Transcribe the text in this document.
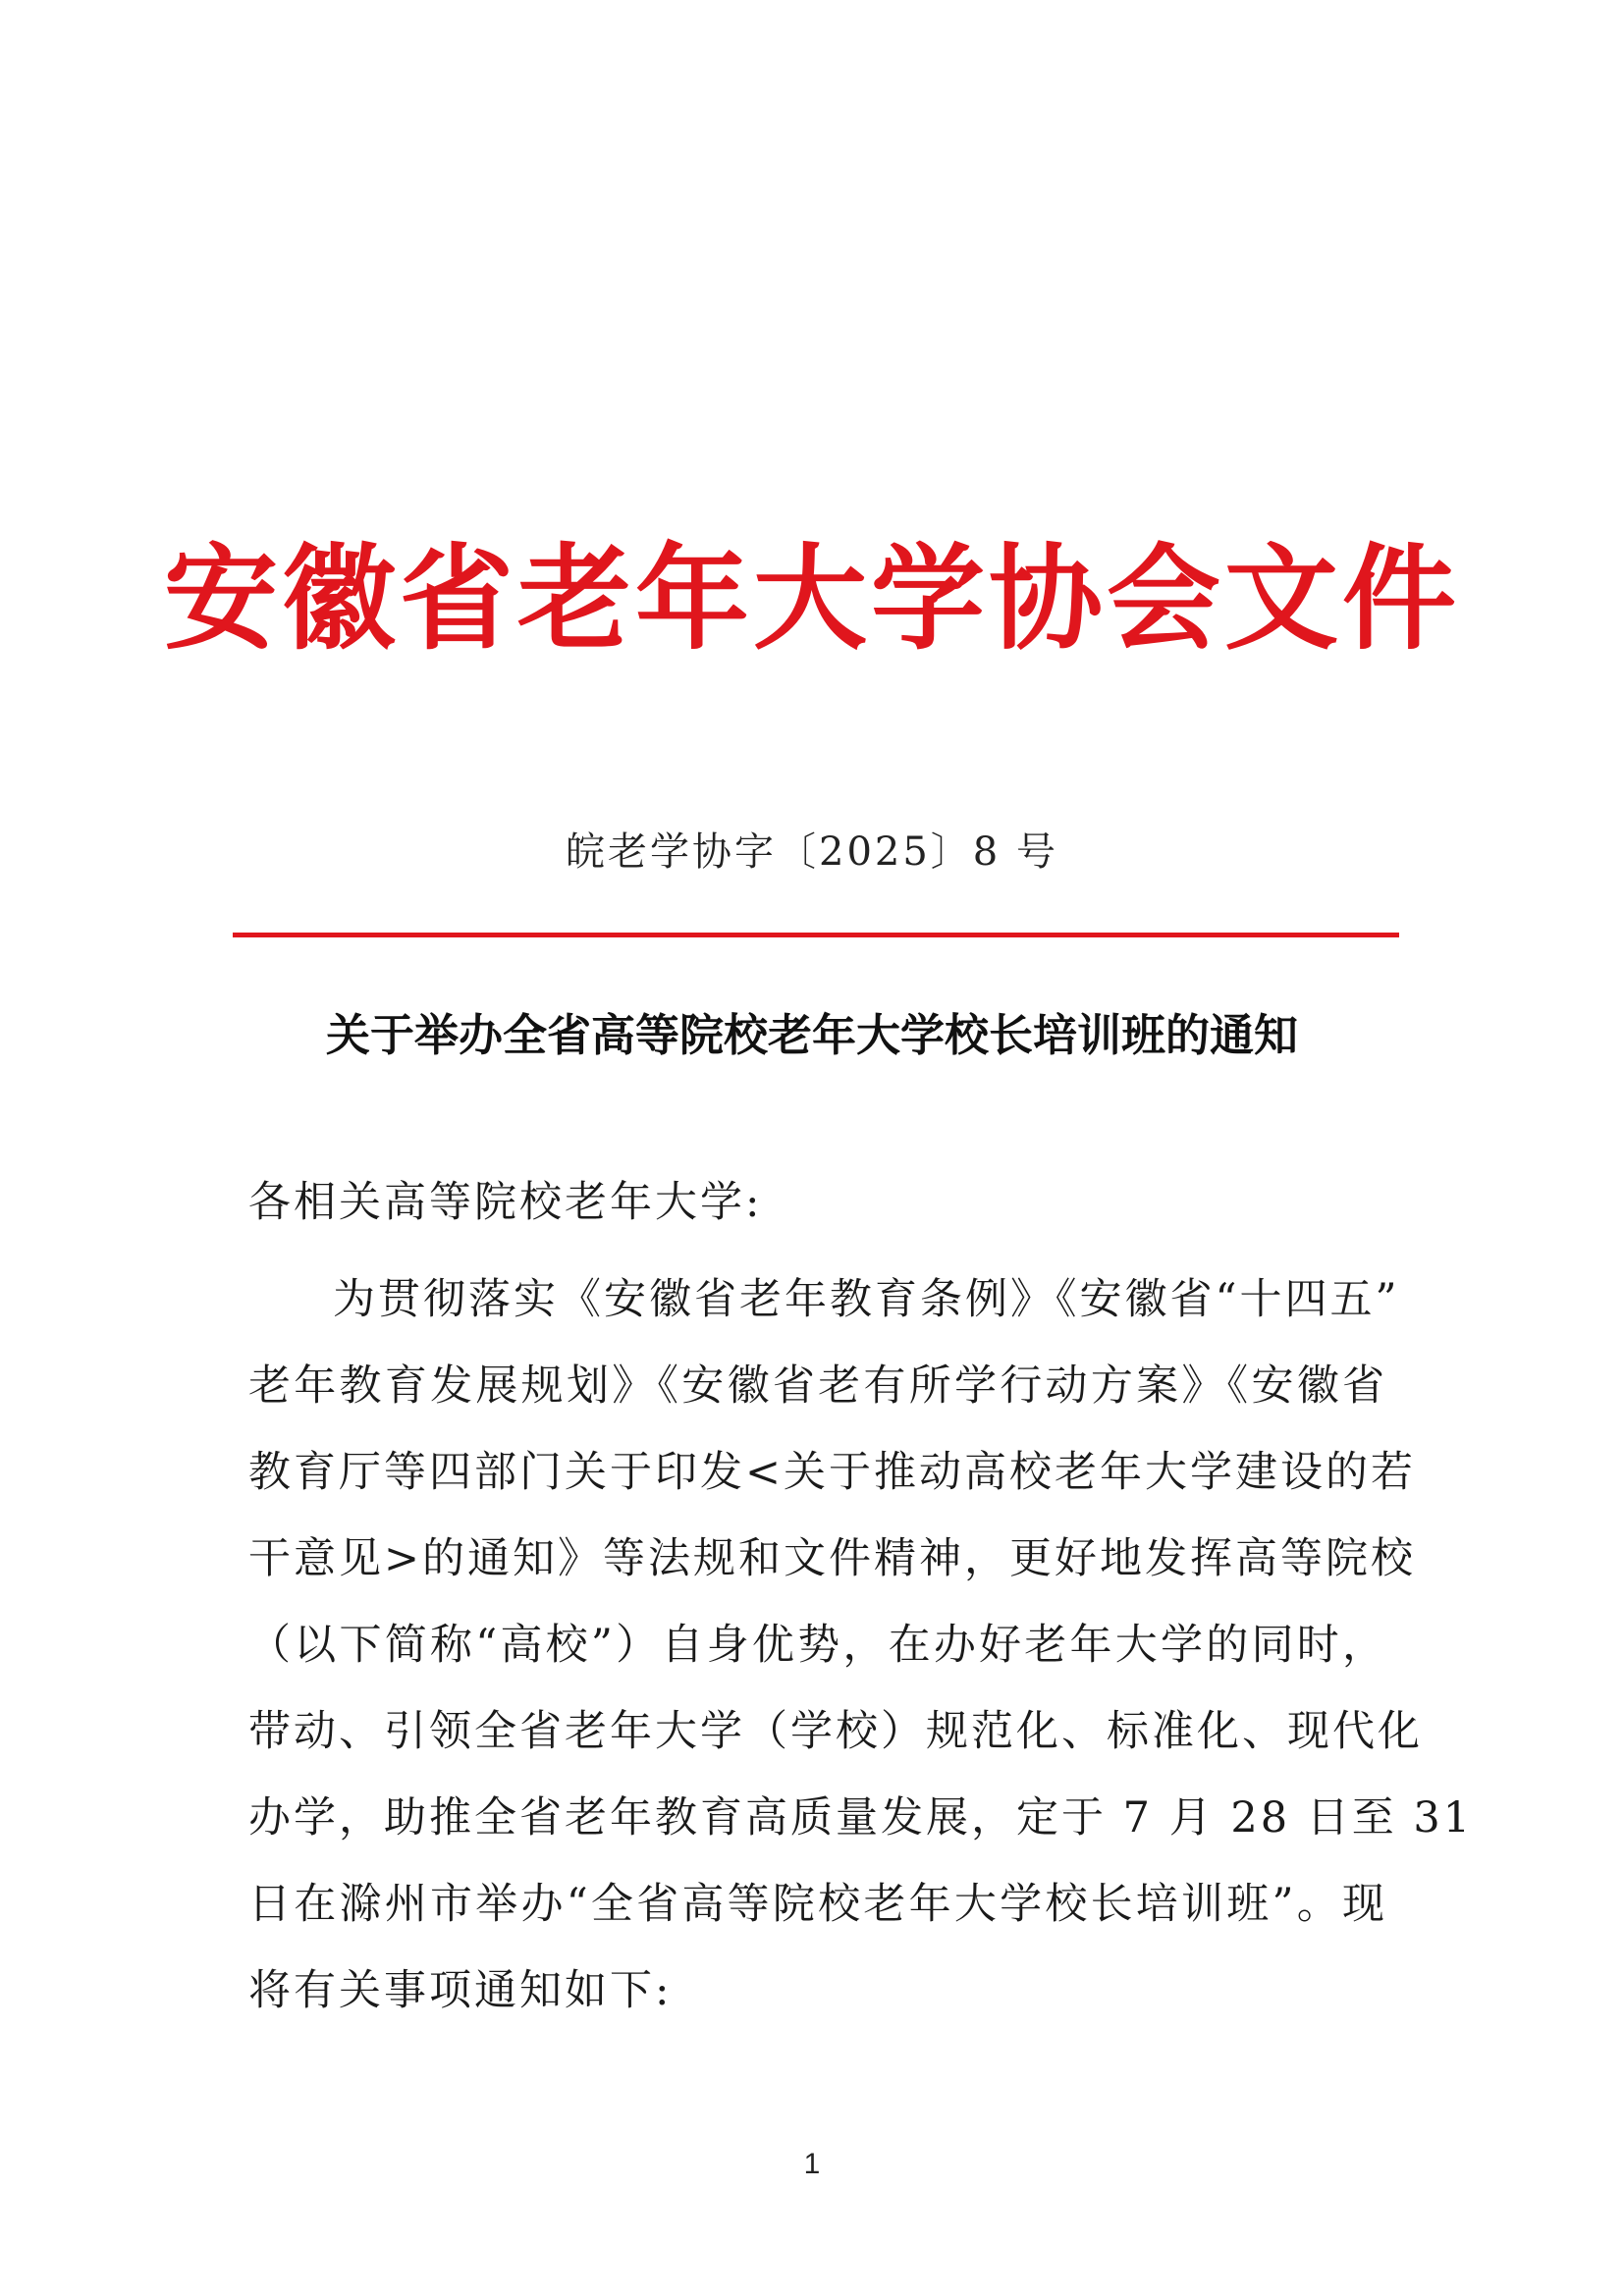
安徽省老年大学协会文件
皖老学协字〔2025〕8 号
关于举办全省高等院校老年大学校长培训班的通知
各相关高等院校老年大学:
为贯彻落实《安徽省老年教育条例》《安徽省“十四五”
老年教育发展规划》《安徽省老有所学行动方案》《安徽省
教育厅等四部门关于印发<关于推动高校老年大学建设的若
干意见>的通知》等法规和文件精神，更好地发挥高等院校
（以下简称“高校”）自身优势，在办好老年大学的同时，
带动、引领全省老年大学（学校）规范化、标准化、现代化
办学，助推全省老年教育高质量发展，定于 7 月 28 日至 31
日在滁州市举办“全省高等院校老年大学校长培训班”。现
将有关事项通知如下:
1
